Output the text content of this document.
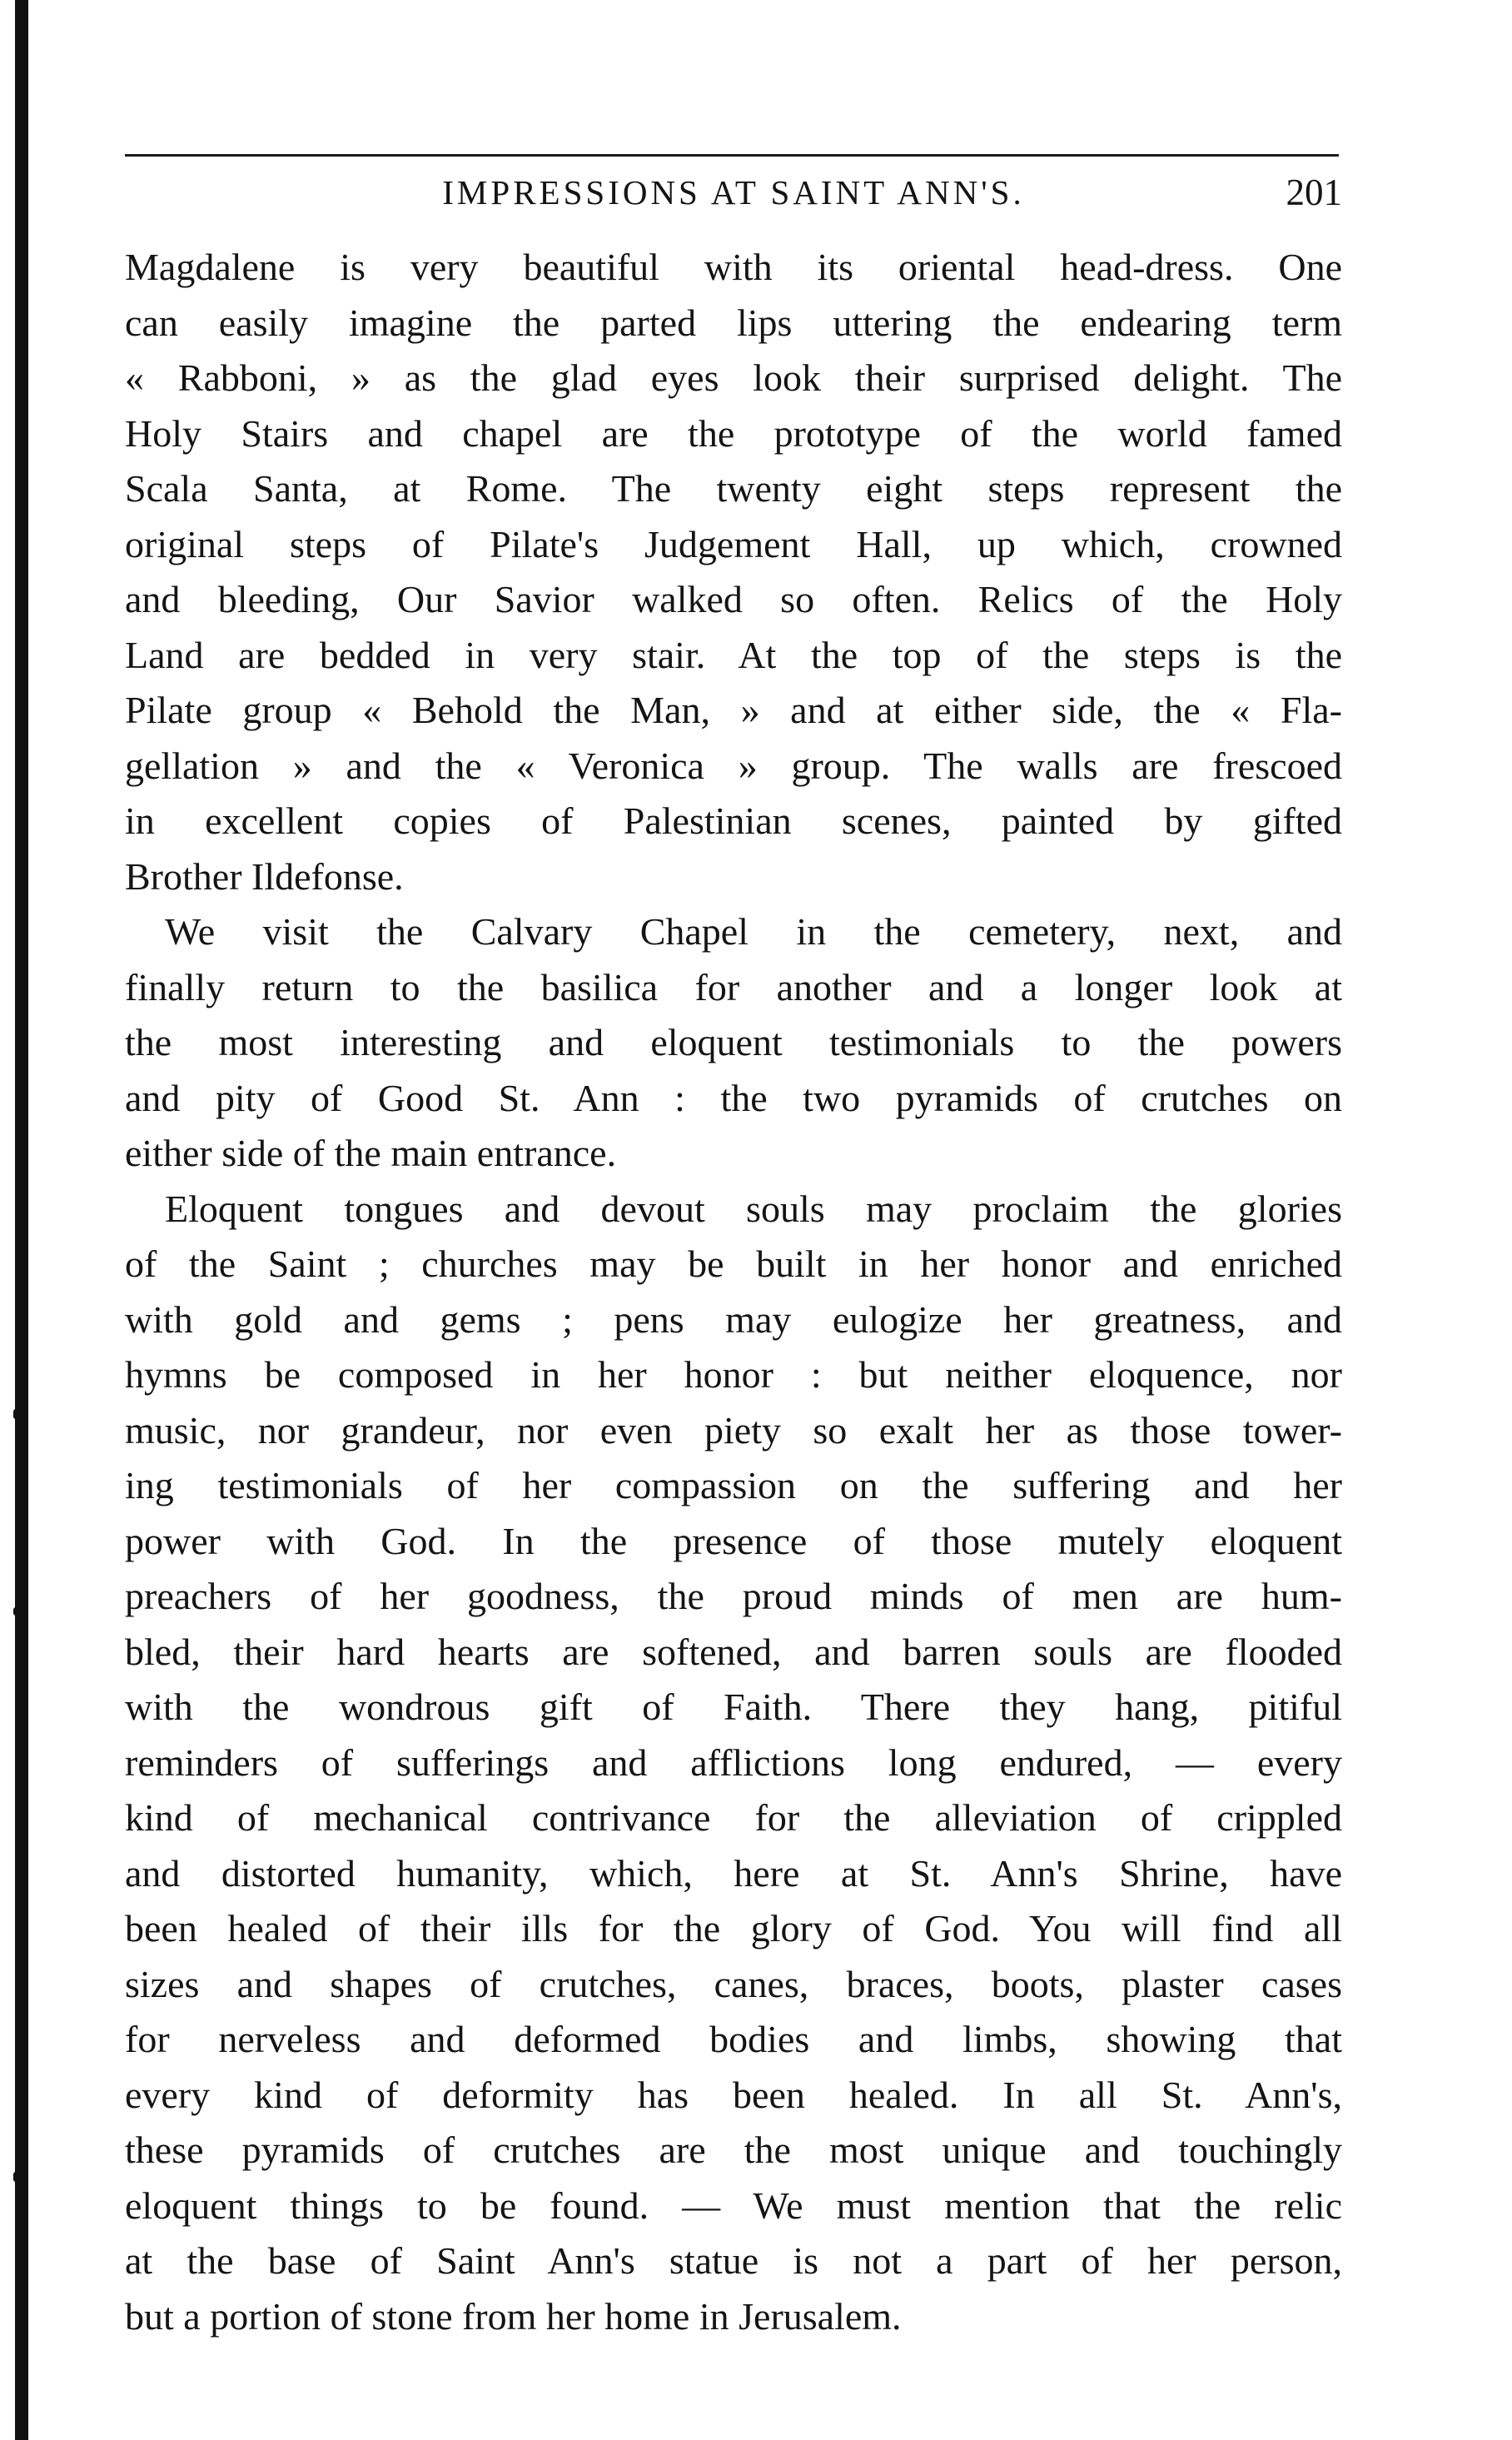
IMPRESSIONS AT SAINT ANN'S.	201
Magdalene is very beautiful with its oriental head-dress. One
can easily imagine the parted lips uttering the endearing term
« Rabboni, » as the glad eyes look their surprised delight. The
Holy Stairs and chapel are the prototype of the world famed
Scala Santa, at Rome. The twenty eight steps represent the
original steps of Pilate's Judgement Hall, up which, crowned
and bleeding, Our Savior walked so often. Relics of the Holy
Land are bedded in very stair. At the top of the steps is the
Pilate group « Behold the Man, » and at either side, the « Fla-
gellation » and the « Veronica » group. The walls are frescoed
in excellent copies of Palestinian scenes, painted by gifted
Brother Ildefonse.
We visit the Calvary Chapel in the cemetery, next, and
finally return to the basilica for another and a longer look at
the most interesting and eloquent testimonials to the powers
and pity of Good St. Ann : the two pyramids of crutches on
either side of the main entrance.
Eloquent tongues and devout souls may proclaim the glories
of the Saint ; churches may be built in her honor and enriched
with gold and gems ; pens may eulogize her greatness, and
hymns be composed in her honor : but neither eloquence, nor
music, nor grandeur, nor even piety so exalt her as those tower-
ing testimonials of her compassion on the suffering and her
power with God. In the presence of those mutely eloquent
preachers of her goodness, the proud minds of men are hum-
bled, their hard hearts are softened, and barren souls are flooded
with the wondrous gift of Faith. There they hang, pitiful
reminders of sufferings and afflictions long endured, — every
kind of mechanical contrivance for the alleviation of crippled
and distorted humanity, which, here at St. Ann's Shrine, have
been healed of their ills for the glory of God. You will find all
sizes and shapes of crutches, canes, braces, boots, plaster cases
for nerveless and deformed bodies and limbs, showing that
every kind of deformity has been healed. In all St. Ann's,
these pyramids of crutches are the most unique and touchingly
eloquent things to be found. — We must mention that the relic
at the base of Saint Ann's statue is not a part of her person,
but a portion of stone from her home in Jerusalem.
